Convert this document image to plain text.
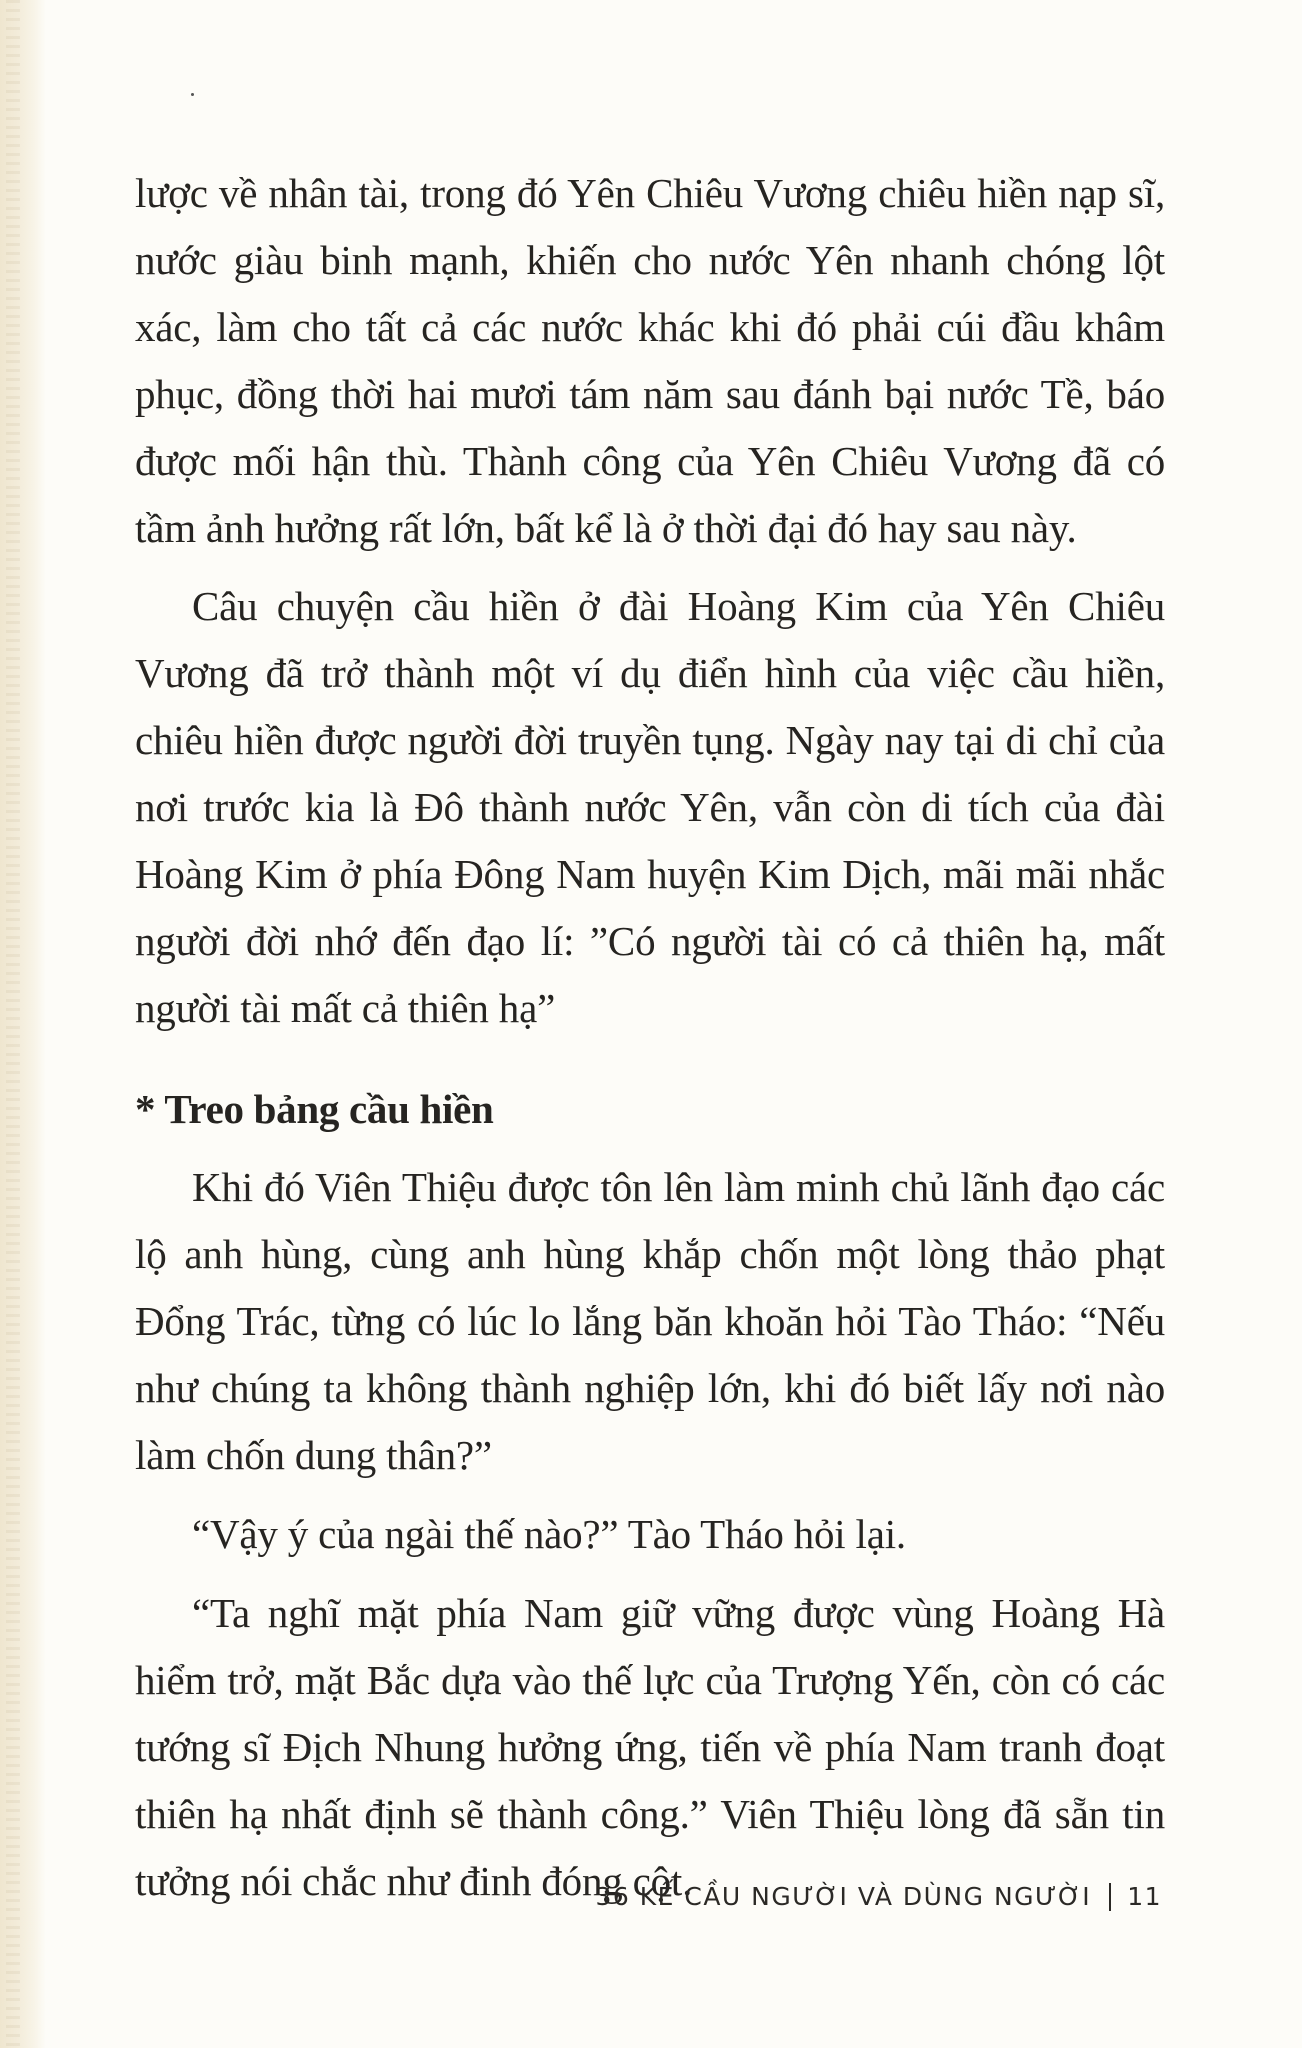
lược về nhân tài, trong đó Yên Chiêu Vương chiêu hiền nạp sĩ, nước giàu binh mạnh, khiến cho nước Yên nhanh chóng lột xác, làm cho tất cả các nước khác khi đó phải cúi đầu khâm phục, đồng thời hai mươi tám năm sau đánh bại nước Tề, báo được mối hận thù. Thành công của Yên Chiêu Vương đã có tầm ảnh hưởng rất lớn, bất kể là ở thời đại đó hay sau này.

Câu chuyện cầu hiền ở đài Hoàng Kim của Yên Chiêu Vương đã trở thành một ví dụ điển hình của việc cầu hiền, chiêu hiền được người đời truyền tụng. Ngày nay tại di chỉ của nơi trước kia là Đô thành nước Yên, vẫn còn di tích của đài Hoàng Kim ở phía Đông Nam huyện Kim Dịch, mãi mãi nhắc người đời nhớ đến đạo lí: ”Có người tài có cả thiên hạ, mất người tài mất cả thiên hạ”

* Treo bảng cầu hiền

Khi đó Viên Thiệu được tôn lên làm minh chủ lãnh đạo các lộ anh hùng, cùng anh hùng khắp chốn một lòng thảo phạt Đổng Trác, từng có lúc lo lắng băn khoăn hỏi Tào Tháo: “Nếu như chúng ta không thành nghiệp lớn, khi đó biết lấy nơi nào làm chốn dung thân?”

“Vậy ý của ngài thế nào?” Tào Tháo hỏi lại.

“Ta nghĩ mặt phía Nam giữ vững được vùng Hoàng Hà hiểm trở, mặt Bắc dựa vào thế lực của Trượng Yến, còn có các tướng sĩ Địch Nhung hưởng ứng, tiến về phía Nam tranh đoạt thiên hạ nhất định sẽ thành công.” Viên Thiệu lòng đã sẵn tin tưởng nói chắc như đinh đóng cột.

36 KẾ CẦU NGƯỜI VÀ DÙNG NGƯỜI 11
